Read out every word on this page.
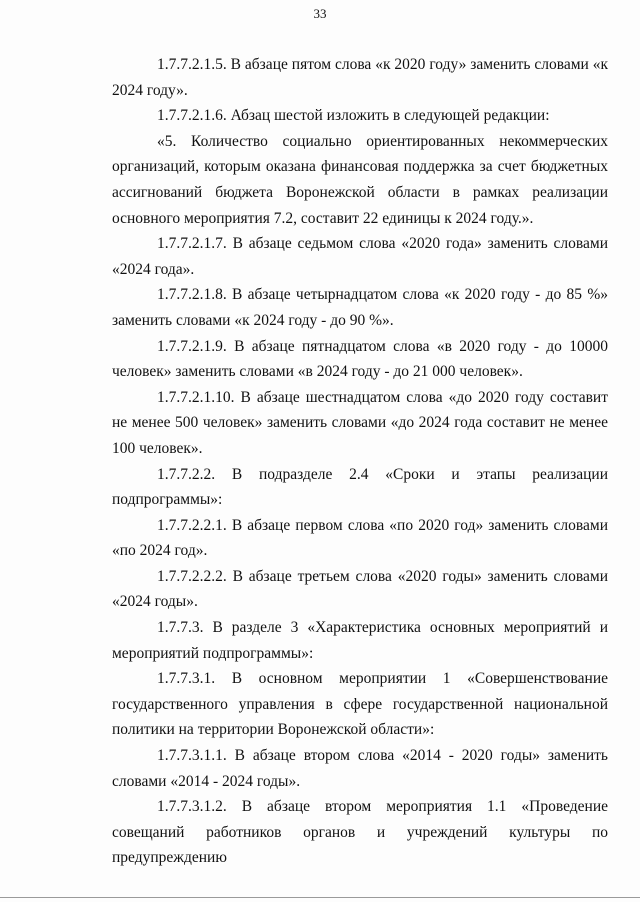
33

1.7.7.2.1.5. В абзаце пятом слова «к 2020 году» заменить словами «к 2024 году».

1.7.7.2.1.6. Абзац шестой изложить в следующей редакции:

«5. Количество социально ориентированных некоммерческих организаций, которым оказана финансовая поддержка за счет бюджетных ассигнований бюджета Воронежской области в рамках реализации основного мероприятия 7.2, составит 22 единицы к 2024 году.».

1.7.7.2.1.7. В абзаце седьмом слова «2020 года» заменить словами «2024 года».

1.7.7.2.1.8. В абзаце четырнадцатом слова «к 2020 году - до 85 %» заменить словами «к 2024 году - до 90 %».

1.7.7.2.1.9. В абзаце пятнадцатом слова «в 2020 году - до 10000 человек» заменить словами «в 2024 году - до 21 000 человек».

1.7.7.2.1.10. В абзаце шестнадцатом слова «до 2020 году составит не менее 500 человек» заменить словами «до 2024 года составит не менее 100 человек».

1.7.7.2.2. В подразделе 2.4 «Сроки и этапы реализации подпрограммы»:

1.7.7.2.2.1. В абзаце первом слова «по 2020 год» заменить словами «по 2024 год».

1.7.7.2.2.2. В абзаце третьем слова «2020 годы» заменить словами «2024 годы».

1.7.7.3. В разделе 3 «Характеристика основных мероприятий и мероприятий подпрограммы»:

1.7.7.3.1. В основном мероприятии 1 «Совершенствование государственного управления в сфере государственной национальной политики на территории Воронежской области»:

1.7.7.3.1.1. В абзаце втором слова «2014 - 2020 годы» заменить словами «2014 - 2024 годы».

1.7.7.3.1.2. В абзаце втором мероприятия 1.1 «Проведение совещаний работников органов и учреждений культуры по предупреждению
